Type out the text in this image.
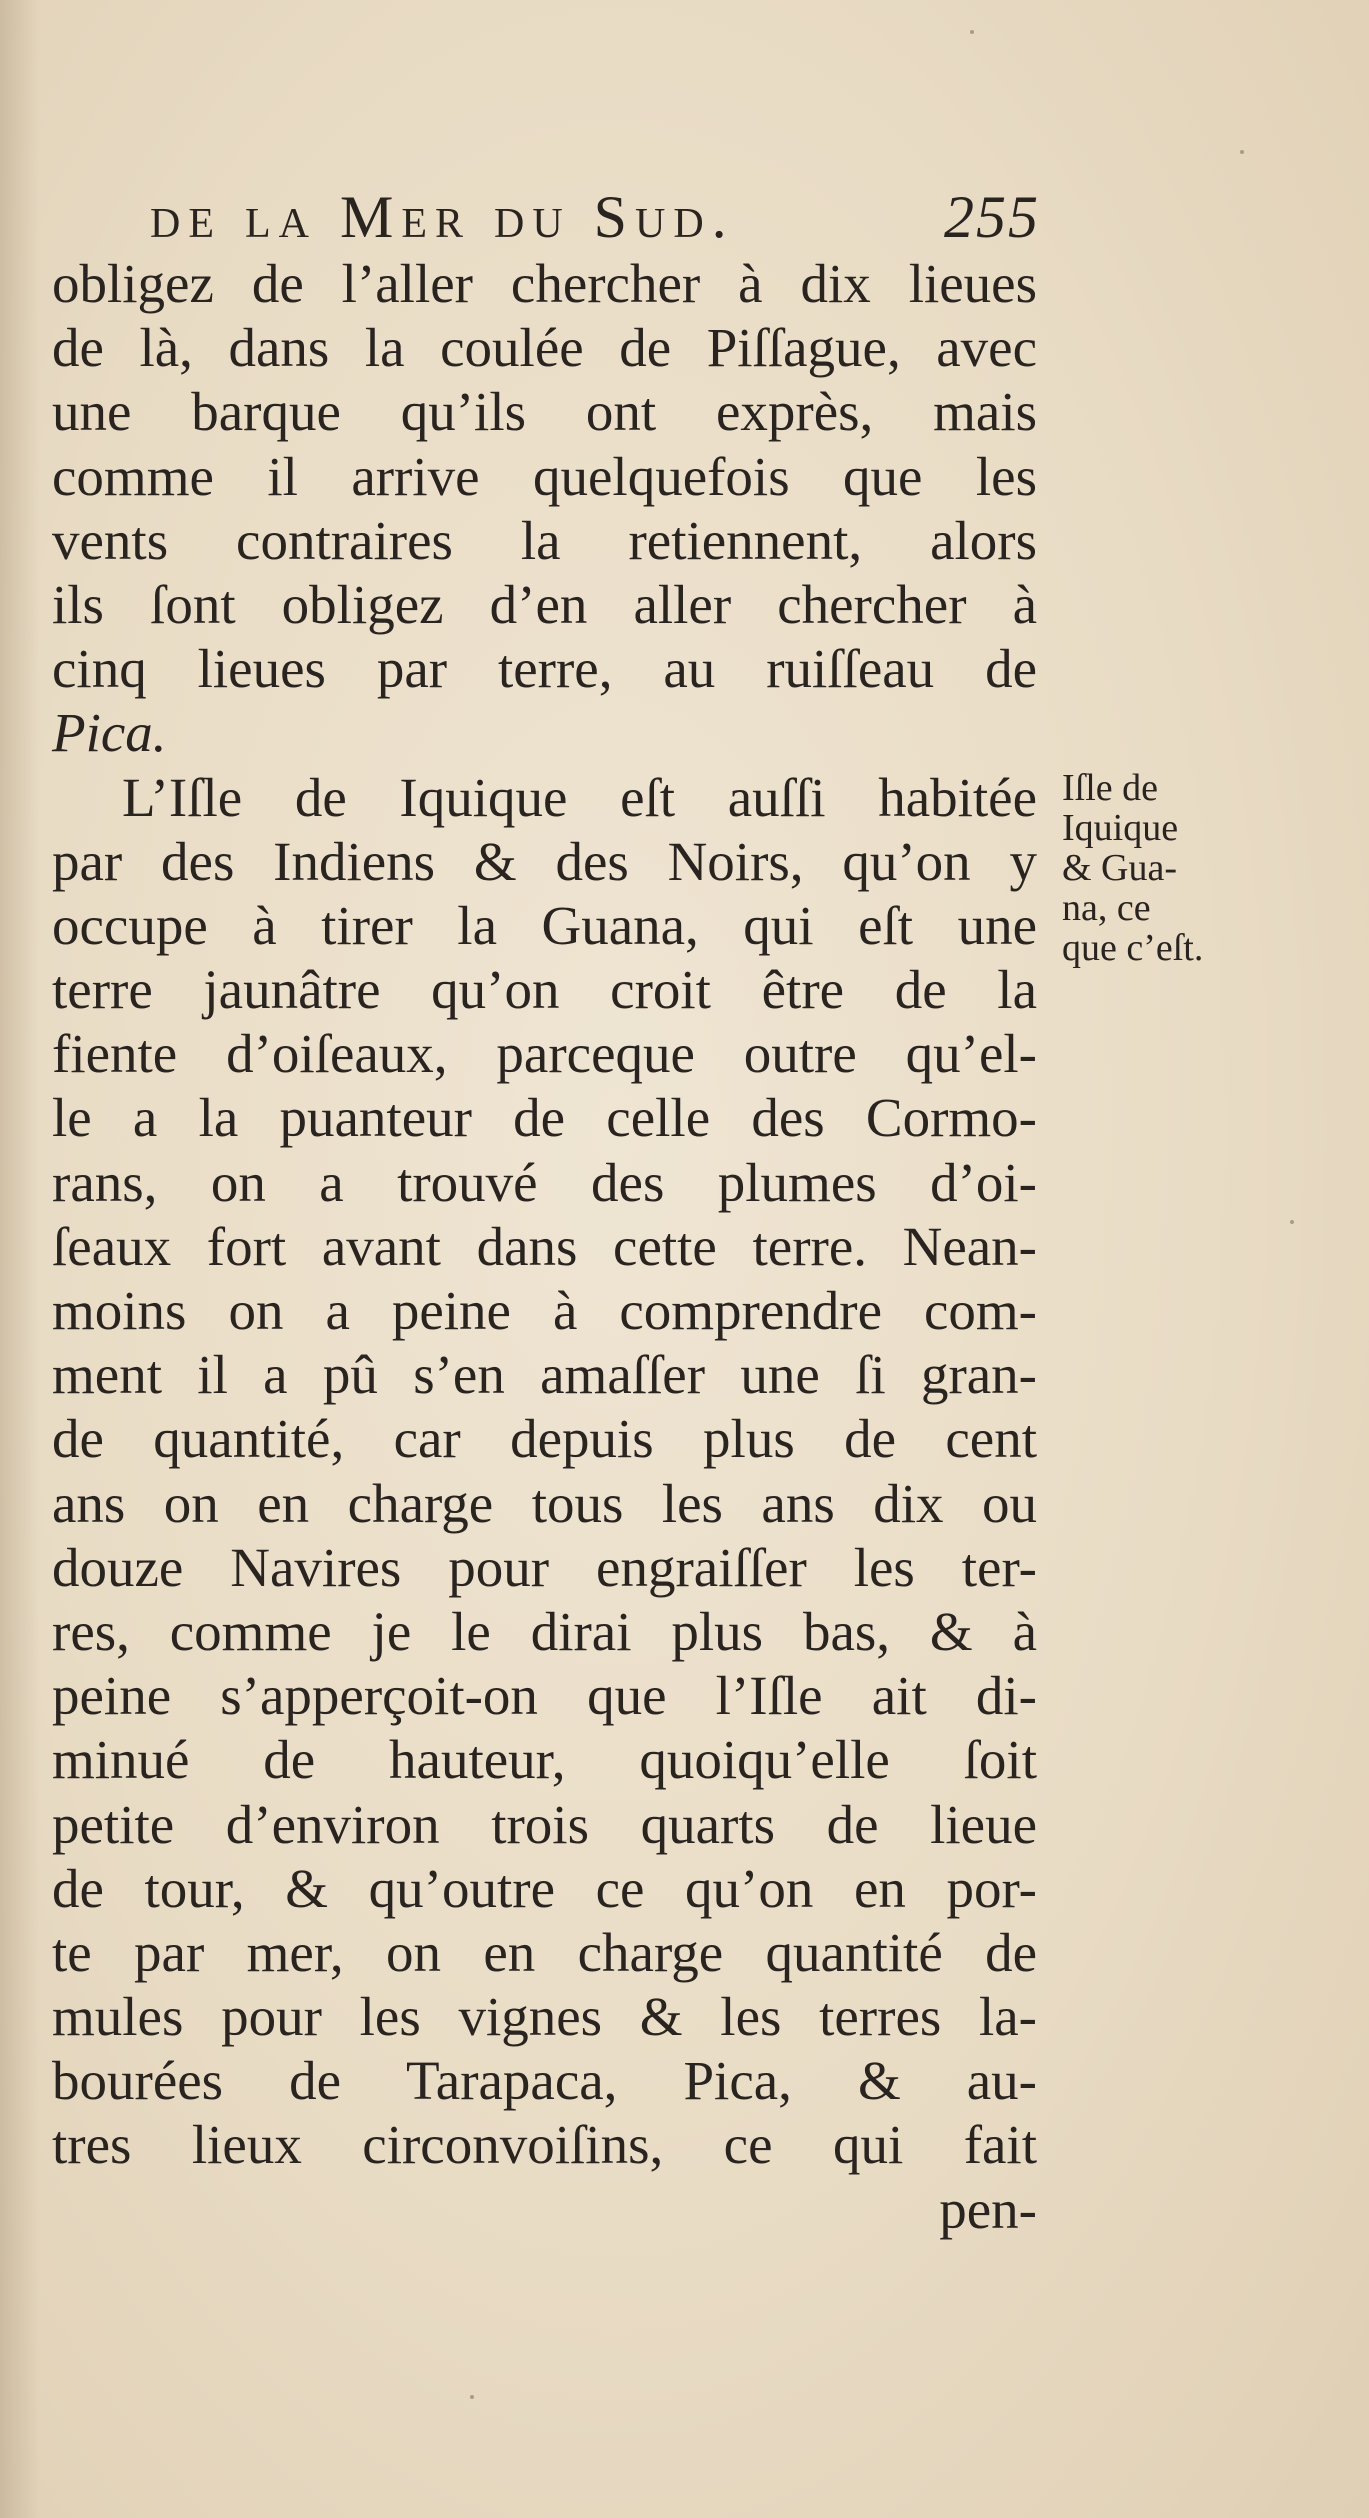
de la Mer du Sud.	255
obligez de l’aller chercher à dix lieues
de là, dans la coulée de Piſſague, avec
une barque qu’ils ont exprès, mais
comme il arrive quelquefois que les
vents contraires la retiennent, alors
ils ſont obligez d’en aller chercher à
cinq lieues par terre, au ruiſſeau de
Pica.
L’Iſle de Iquique eſt auſſi habitée
par des Indiens & des Noirs, qu’on y
occupe à tirer la Guana, qui eſt une
terre jaunâtre qu’on croit être de la
fiente d’oiſeaux, parceque outre qu’el-
le a la puanteur de celle des Cormo-
rans, on a trouvé des plumes d’oi-
ſeaux fort avant dans cette terre. Nean-
moins on a peine à comprendre com-
ment il a pû s’en amaſſer une ſi gran-
de quantité, car depuis plus de cent
ans on en charge tous les ans dix ou
douze Navires pour engraiſſer les ter-
res, comme je le dirai plus bas, & à
peine s’apperçoit-on que l’Iſle ait di-
minué de hauteur, quoiqu’elle ſoit
petite d’environ trois quarts de lieue
de tour, & qu’outre ce qu’on en por-
te par mer, on en charge quantité de
mules pour les vignes & les terres la-
bourées de Tarapaca, Pica, & au-
tres lieux circonvoiſins, ce qui fait
pen-
Iſle de
Iquique
& Gua-
na, ce
que c’eſt.
